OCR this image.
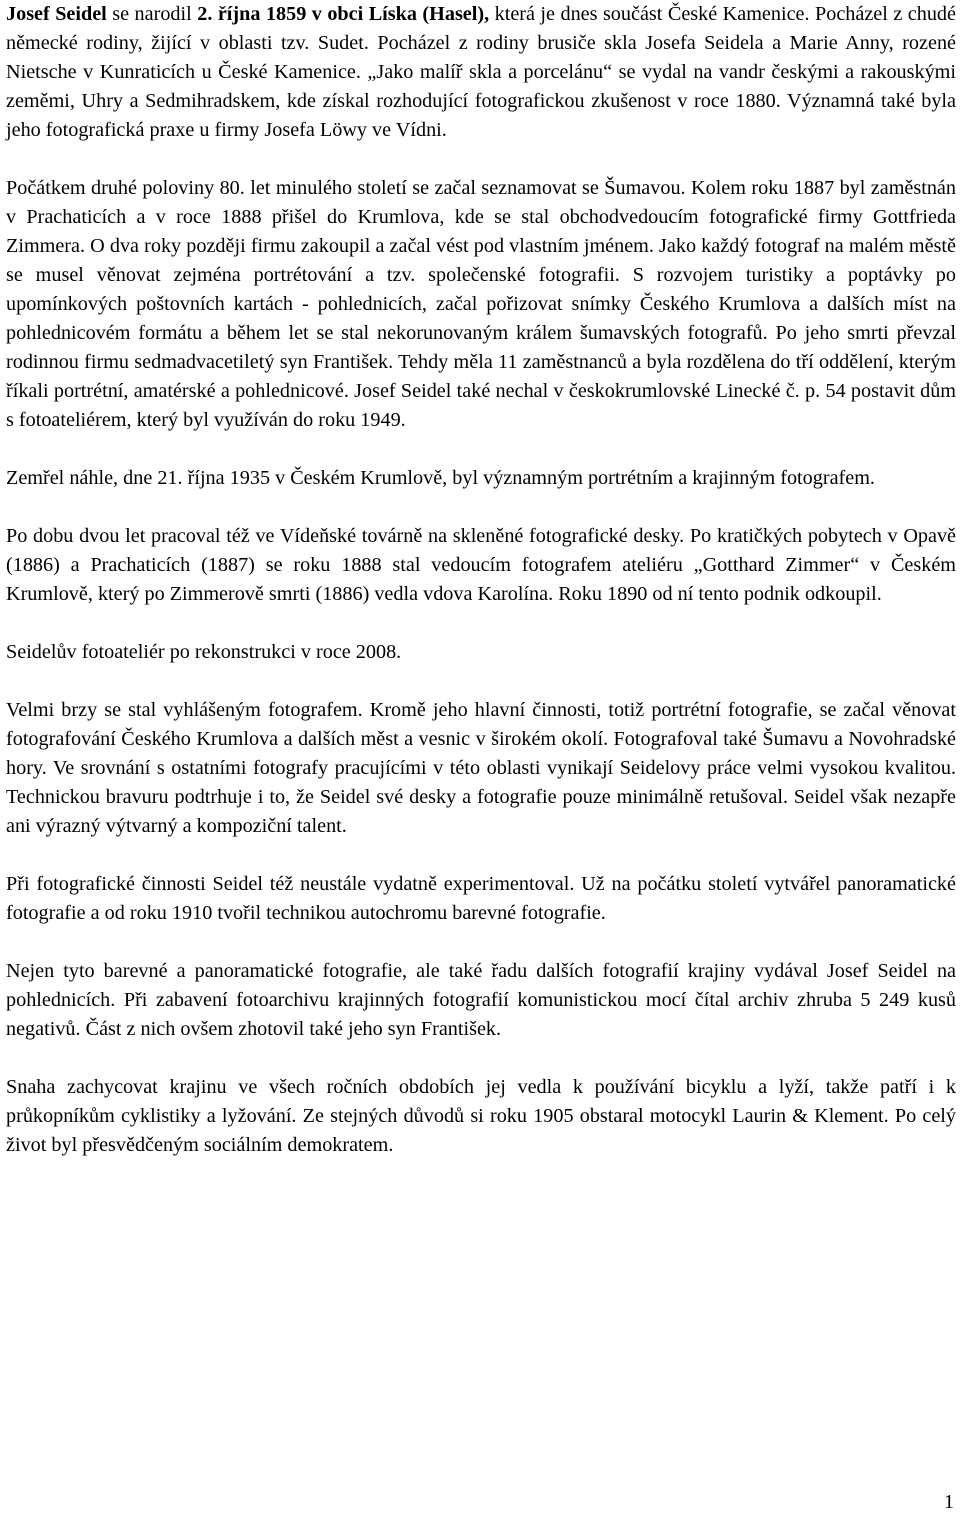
Josef Seidel se narodil 2. října 1859 v obci Líska (Hasel), která je dnes součást České Kamenice. Pocházel z chudé německé rodiny, žijící v oblasti tzv. Sudet. Pocházel z rodiny brusiče skla Josefa Seidela a Marie Anny, rozené Nietsche v Kunraticích u České Kamenice. „Jako malíř skla a porcelánu“ se vydal na vandr českými a rakouskými zeměmi, Uhry a Sedmihradskem, kde získal rozhodující fotografickou zkušenost v roce 1880. Významná také byla jeho fotografická praxe u firmy Josefa Löwy ve Vídni.

Počátkem druhé poloviny 80. let minulého století se začal seznamovat se Šumavou. Kolem roku 1887 byl zaměstnán v Prachaticích a v roce 1888 přišel do Krumlova, kde se stal obchodvedoucím fotografické firmy Gottfrieda Zimmera. O dva roky později firmu zakoupil a začal vést pod vlastním jménem. Jako každý fotograf na malém městě se musel věnovat zejména portrétování a tzv. společenské fotografii. S rozvojem turistiky a poptávky po upomínkových poštovních kartách - pohlednicích, začal pořizovat snímky Českého Krumlova a dalších míst na pohlednicovém formátu a během let se stal nekorunovaným králem šumavských fotografů. Po jeho smrti převzal rodinnou firmu sedmadvacetiletý syn František. Tehdy měla 11 zaměstnanců a byla rozdělena do tří oddělení, kterým říkali portrétní, amatérské a pohlednicové. Josef Seidel také nechal v českokrumlovské Linecké č. p. 54 postavit dům s fotoateliérem, který byl využíván do roku 1949.

Zemřel náhle, dne 21. října 1935 v Českém Krumlově, byl významným portrétním a krajinným fotografem.

Po dobu dvou let pracoval též ve Vídeňské továrně na skleněné fotografické desky. Po kratičkých pobytech v Opavě (1886) a Prachaticích (1887) se roku 1888 stal vedoucím fotografem ateliéru „Gotthard Zimmer“ v Českém Krumlově, který po Zimmerově smrti (1886) vedla vdova Karolína. Roku 1890 od ní tento podnik odkoupil.

Seidelův fotoateliér po rekonstrukci v roce 2008.

Velmi brzy se stal vyhlášeným fotografem. Kromě jeho hlavní činnosti, totiž portrétní fotografie, se začal věnovat fotografování Českého Krumlova a dalších měst a vesnic v širokém okolí. Fotografoval také Šumavu a Novohradské hory. Ve srovnání s ostatními fotografy pracujícími v této oblasti vynikají Seidelovy práce velmi vysokou kvalitou. Technickou bravuru podtrhuje i to, že Seidel své desky a fotografie pouze minimálně retušoval. Seidel však nezapře ani výrazný výtvarný a kompoziční talent.

Při fotografické činnosti Seidel též neustále vydatně experimentoval. Už na počátku století vytvářel panoramatické fotografie a od roku 1910 tvořil technikou autochromu barevné fotografie.

Nejen tyto barevné a panoramatické fotografie, ale také řadu dalších fotografií krajiny vydával Josef Seidel na pohlednicích. Při zabavení fotoarchivu krajinných fotografií komunistickou mocí čítal archiv zhruba 5 249 kusů negativů. Část z nich ovšem zhotovil také jeho syn František.

Snaha zachycovat krajinu ve všech ročních obdobích jej vedla k používání bicyklu a lyží, takže patří i k průkopníkům cyklistiky a lyžování. Ze stejných důvodů si roku 1905 obstaral motocykl Laurin & Klement. Po celý život byl přesvědčeným sociálním demokratem.

1
